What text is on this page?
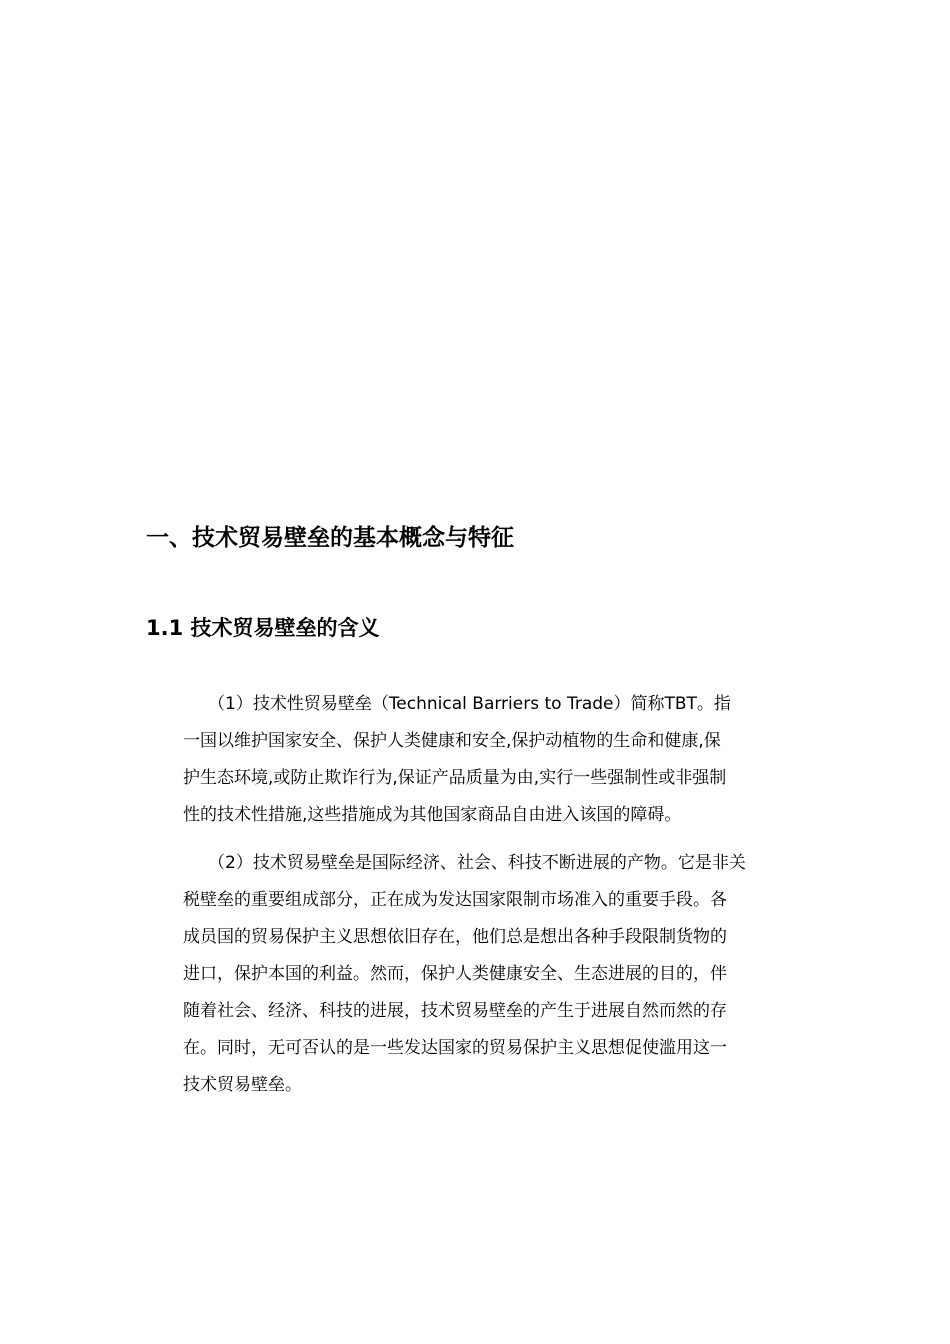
一、技术贸易壁垒的基本概念与特征
1.1 技术贸易壁垒的含义

（1）技术性贸易壁垒（Technical Barriers to Trade）简称TBT。指
一国以维护国家安全、保护人类健康和安全,保护动植物的生命和健康,保
护生态环境,或防止欺诈行为,保证产品质量为由,实行一些强制性或非强制
性的技术性措施,这些措施成为其他国家商品自由进入该国的障碍。

（2）技术贸易壁垒是国际经济、社会、科技不断进展的产物。它是非关
税壁垒的重要组成部分，正在成为发达国家限制市场准入的重要手段。各
成员国的贸易保护主义思想依旧存在，他们总是想出各种手段限制货物的
进口，保护本国的利益。然而，保护人类健康安全、生态进展的目的，伴
随着社会、经济、科技的进展，技术贸易壁垒的产生于进展自然而然的存
在。同时，无可否认的是一些发达国家的贸易保护主义思想促使滥用这一
技术贸易壁垒。
